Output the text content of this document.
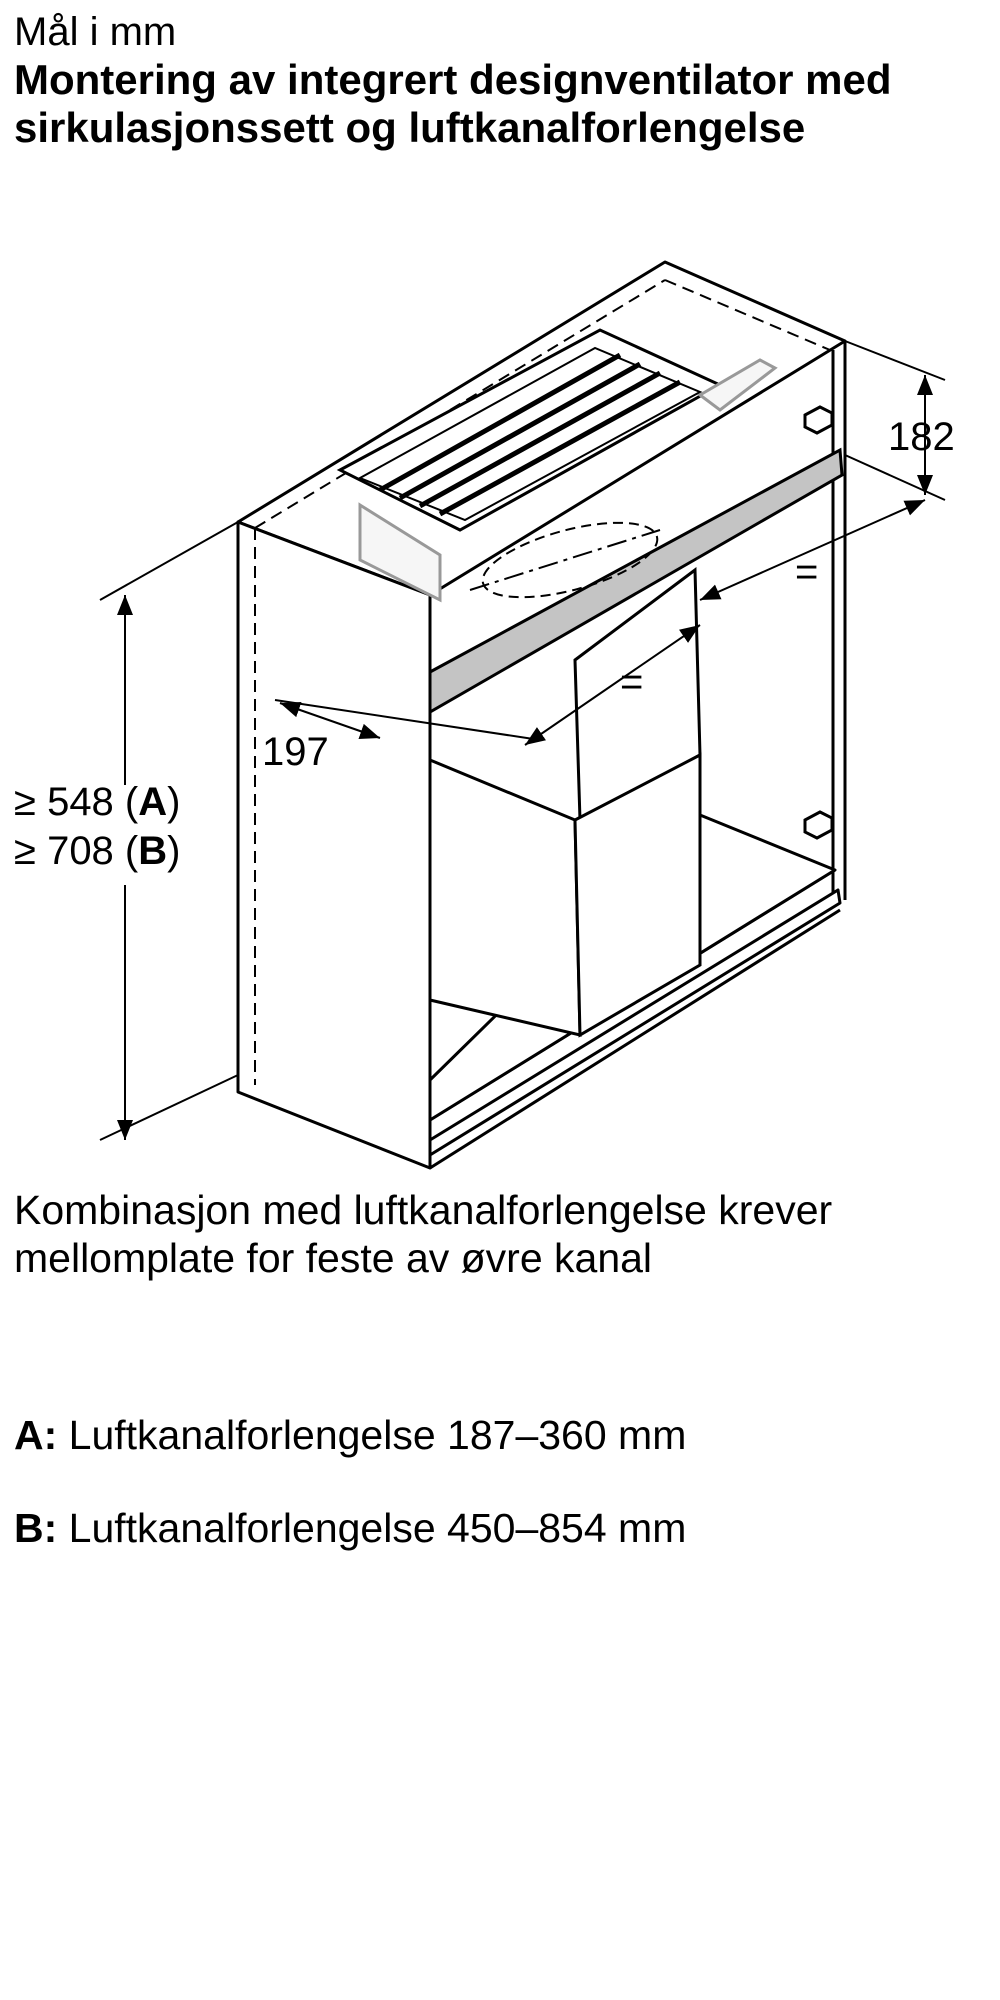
Mål i mm
Montering av integrert designventilator med sirkulasjonssett og luftkanalforlengelse
182
=
=
197
≥ 548 (A)
≥ 708 (B)
Kombinasjon med luftkanalforlengelse krever mellomplate for feste av øvre kanal
A: Luftkanalforlengelse 187–360 mm
B: Luftkanalforlengelse 450–854 mm
